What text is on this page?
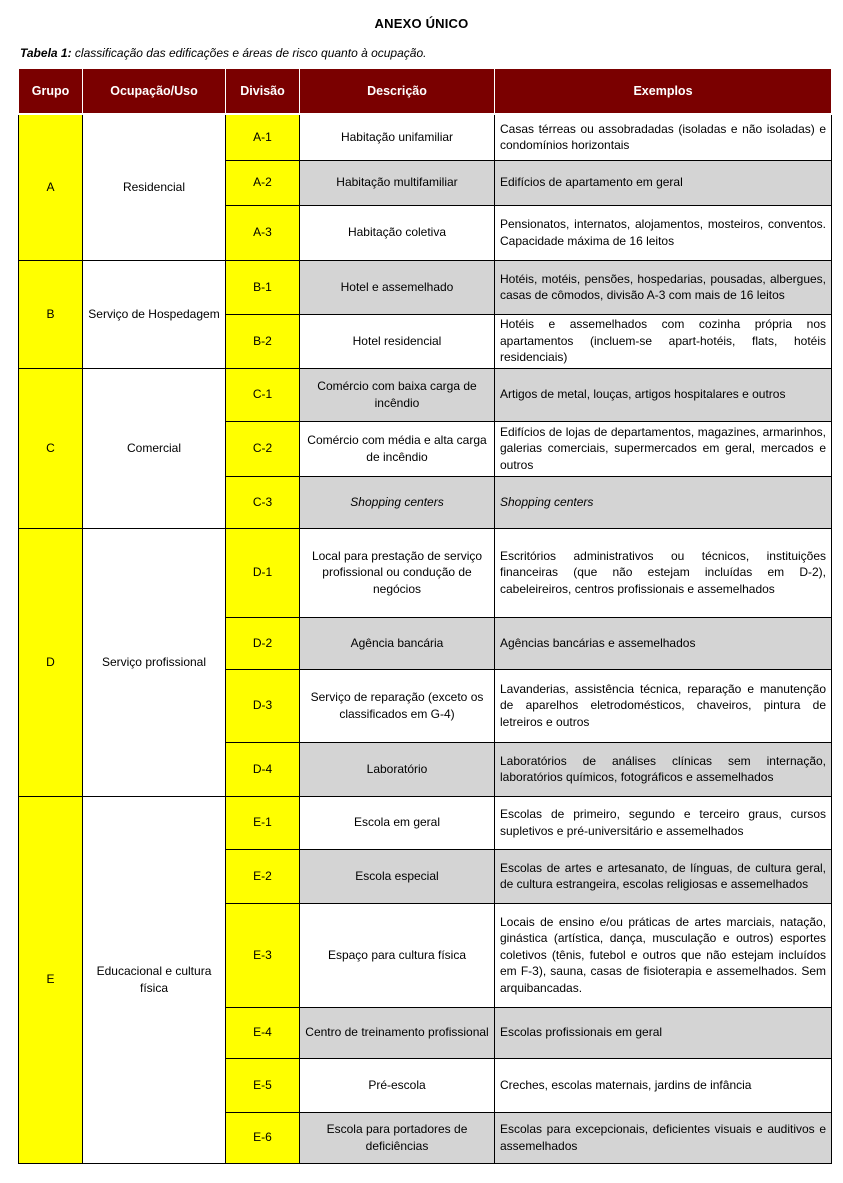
ANEXO ÚNICO
Tabela 1: classificação das edificações e áreas de risco quanto à ocupação.
Grupo	Ocupação/Uso	Divisão	Descrição	Exemplos
A	Residencial	A-1	Habitação unifamiliar	Casas térreas ou assobradadas (isoladas e não isoladas) e condomínios horizontais
		A-2	Habitação multifamiliar	Edifícios de apartamento em geral
		A-3	Habitação coletiva	Pensionatos, internatos, alojamentos, mosteiros, conventos. Capacidade máxima de 16 leitos
B	Serviço de Hospedagem	B-1	Hotel e assemelhado	Hotéis, motéis, pensões, hospedarias, pousadas, albergues, casas de cômodos, divisão A-3 com mais de 16 leitos
		B-2	Hotel residencial	Hotéis e assemelhados com cozinha própria nos apartamentos (incluem-se apart-hotéis, flats, hotéis residenciais)
C	Comercial	C-1	Comércio com baixa carga de incêndio	Artigos de metal, louças, artigos hospitalares e outros
		C-2	Comércio com média e alta carga de incêndio	Edifícios de lojas de departamentos, magazines, armarinhos, galerias comerciais, supermercados em geral, mercados e outros
		C-3	Shopping centers	Shopping centers
D	Serviço profissional	D-1	Local para prestação de serviço profissional ou condução de negócios	Escritórios administrativos ou técnicos, instituições financeiras (que não estejam incluídas em D-2), cabeleireiros, centros profissionais e assemelhados
		D-2	Agência bancária	Agências bancárias e assemelhados
		D-3	Serviço de reparação (exceto os classificados em G-4)	Lavanderias, assistência técnica, reparação e manutenção de aparelhos eletrodomésticos, chaveiros, pintura de letreiros e outros
		D-4	Laboratório	Laboratórios de análises clínicas sem internação, laboratórios químicos, fotográficos e assemelhados
E	Educacional e cultura física	E-1	Escola em geral	Escolas de primeiro, segundo e terceiro graus, cursos supletivos e pré-universitário e assemelhados
		E-2	Escola especial	Escolas de artes e artesanato, de línguas, de cultura geral, de cultura estrangeira, escolas religiosas e assemelhados
		E-3	Espaço para cultura física	Locais de ensino e/ou práticas de artes marciais, natação, ginástica (artística, dança, musculação e outros) esportes coletivos (tênis, futebol e outros que não estejam incluídos em F-3), sauna, casas de fisioterapia e assemelhados. Sem arquibancadas.
		E-4	Centro de treinamento profissional	Escolas profissionais em geral
		E-5	Pré-escola	Creches, escolas maternais, jardins de infância
		E-6	Escola para portadores de deficiências	Escolas para excepcionais, deficientes visuais e auditivos e assemelhados
